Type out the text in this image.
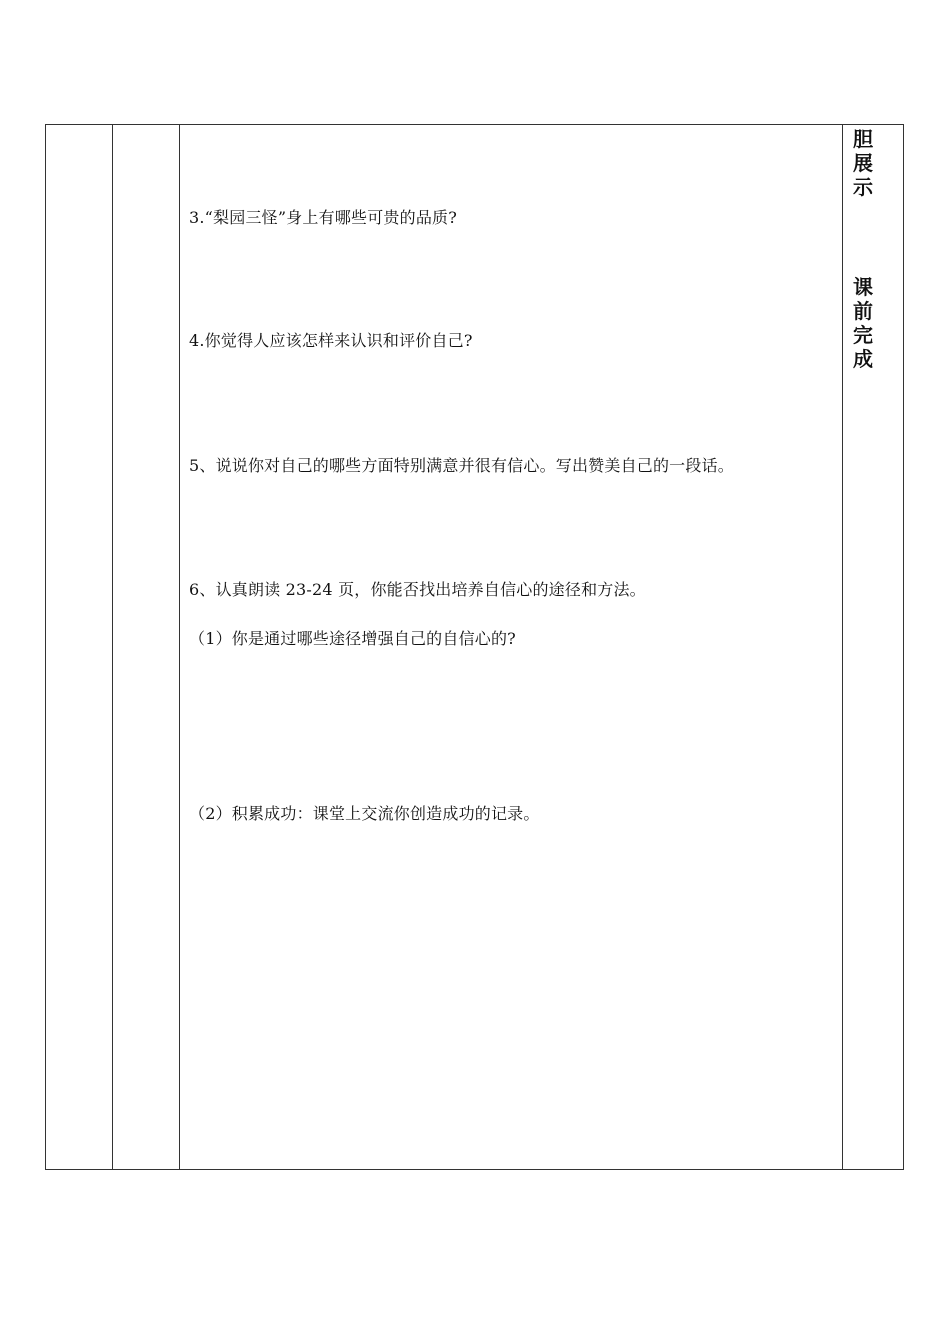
3.“梨园三怪”身上有哪些可贵的品质?
4.你觉得人应该怎样来认识和评价自己?
5、说说你对自己的哪些方面特别满意并很有信心。写出赞美自己的一段话。
6、认真朗读 23-24 页，你能否找出培养自信心的途径和方法。
（1）你是通过哪些途径增强自己的自信心的?
（2）积累成功：课堂上交流你创造成功的记录。
胆
展
示
课
前
完
成
